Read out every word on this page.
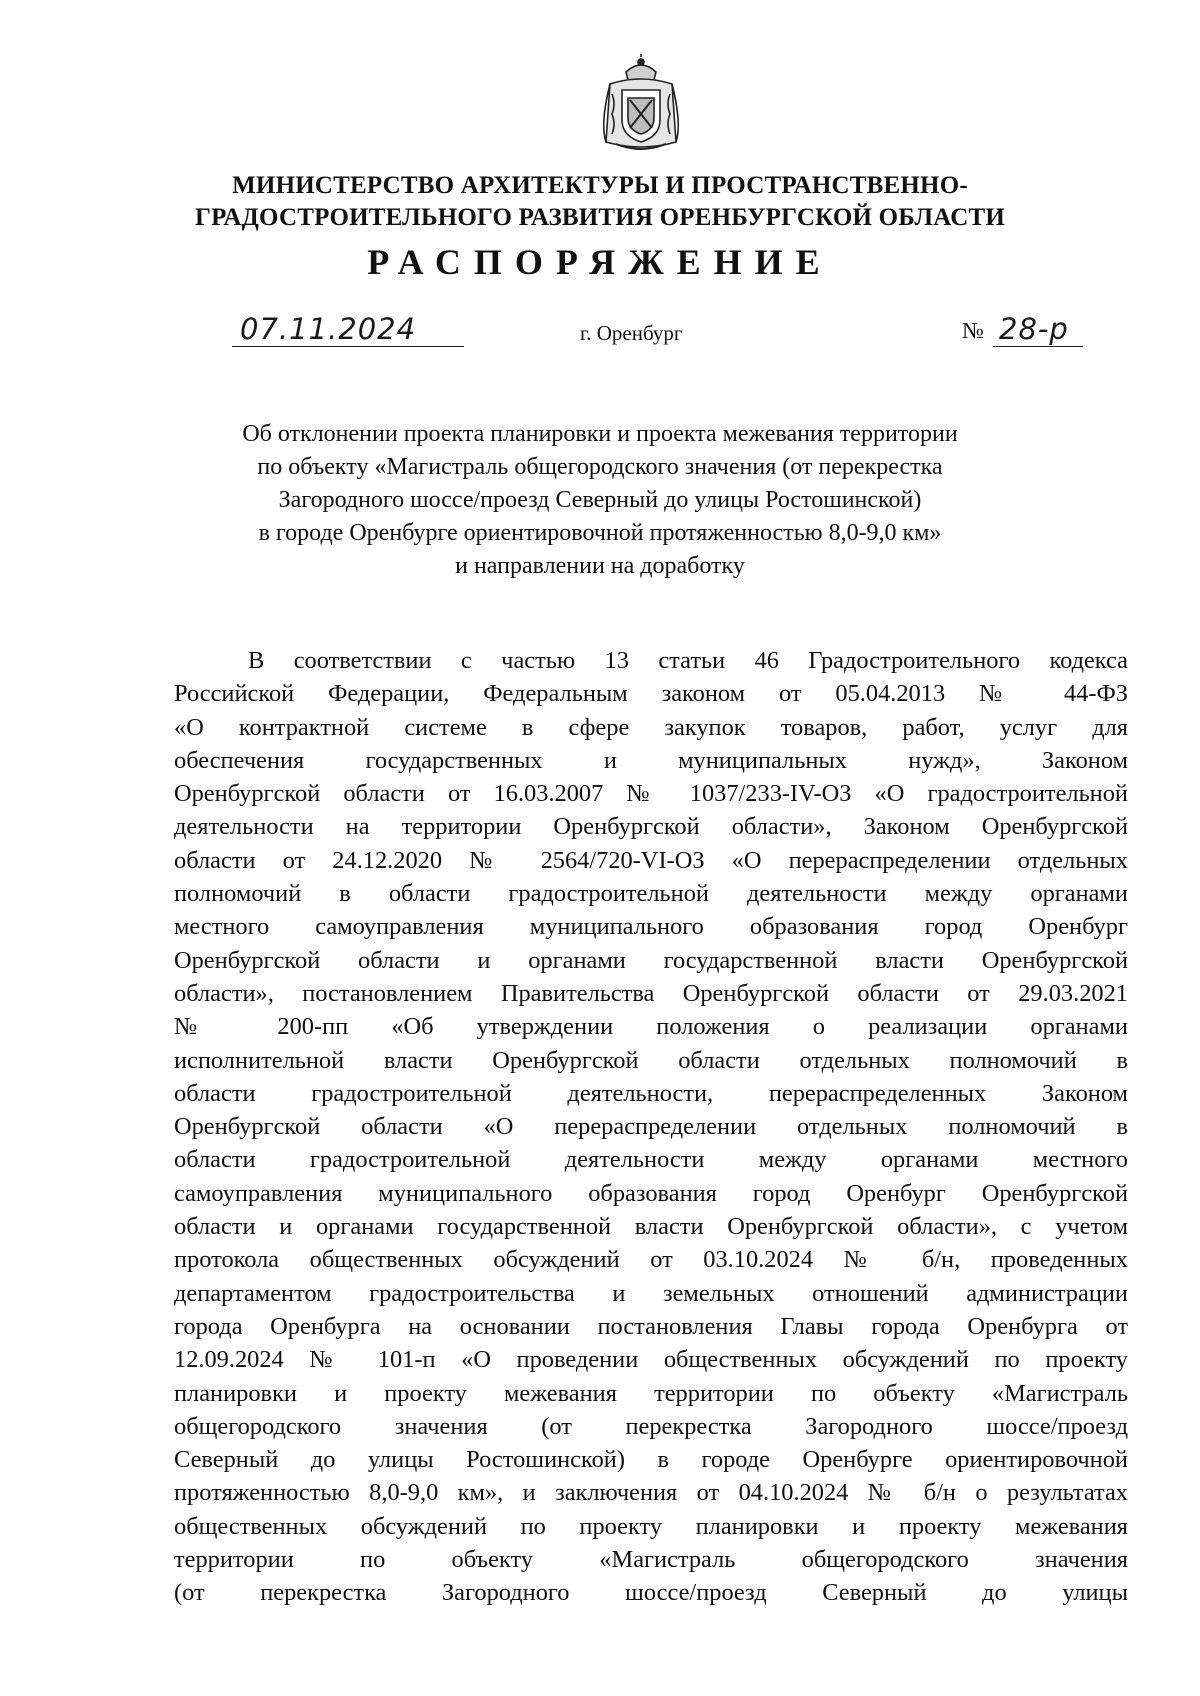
МИНИСТЕРСТВО АРХИТЕКТУРЫ И ПРОСТРАНСТВЕННО-
ГРАДОСТРОИТЕЛЬНОГО РАЗВИТИЯ ОРЕНБУРГСКОЙ ОБЛАСТИ
РАСПОРЯЖЕНИЕ
07.11.2024	г. Оренбург	№ 28-р
Об отклонении проекта планировки и проекта межевания территории
по объекту «Магистраль общегородского значения (от перекрестка
Загородного шоссе/проезд Северный до улицы Ростошинской)
в городе Оренбурге ориентировочной протяженностью 8,0-9,0 км»
и направлении на доработку
В соответствии с частью 13 статьи 46 Градостроительного кодекса
Российской Федерации, Федеральным законом от 05.04.2013 № 44-ФЗ
«О контрактной системе в сфере закупок товаров, работ, услуг для
обеспечения государственных и муниципальных нужд», Законом
Оренбургской области от 16.03.2007 № 1037/233-IV-ОЗ «О градостроительной
деятельности на территории Оренбургской области», Законом Оренбургской
области от 24.12.2020 № 2564/720-VI-ОЗ «О перераспределении отдельных
полномочий в области градостроительной деятельности между органами
местного самоуправления муниципального образования город Оренбург
Оренбургской области и органами государственной власти Оренбургской
области», постановлением Правительства Оренбургской области от 29.03.2021
№ 200-пп «Об утверждении положения о реализации органами
исполнительной власти Оренбургской области отдельных полномочий в
области градостроительной деятельности, перераспределенных Законом
Оренбургской области «О перераспределении отдельных полномочий в
области градостроительной деятельности между органами местного
самоуправления муниципального образования город Оренбург Оренбургской
области и органами государственной власти Оренбургской области», с учетом
протокола общественных обсуждений от 03.10.2024 № б/н, проведенных
департаментом градостроительства и земельных отношений администрации
города Оренбурга на основании постановления Главы города Оренбурга от
12.09.2024 № 101-п «О проведении общественных обсуждений по проекту
планировки и проекту межевания территории по объекту «Магистраль
общегородского значения (от перекрестка Загородного шоссе/проезд
Северный до улицы Ростошинской) в городе Оренбурге ориентировочной
протяженностью 8,0-9,0 км», и заключения от 04.10.2024 № б/н о результатах
общественных обсуждений по проекту планировки и проекту межевания
территории по объекту «Магистраль общегородского значения
(от перекрестка Загородного шоссе/проезд Северный до улицы
